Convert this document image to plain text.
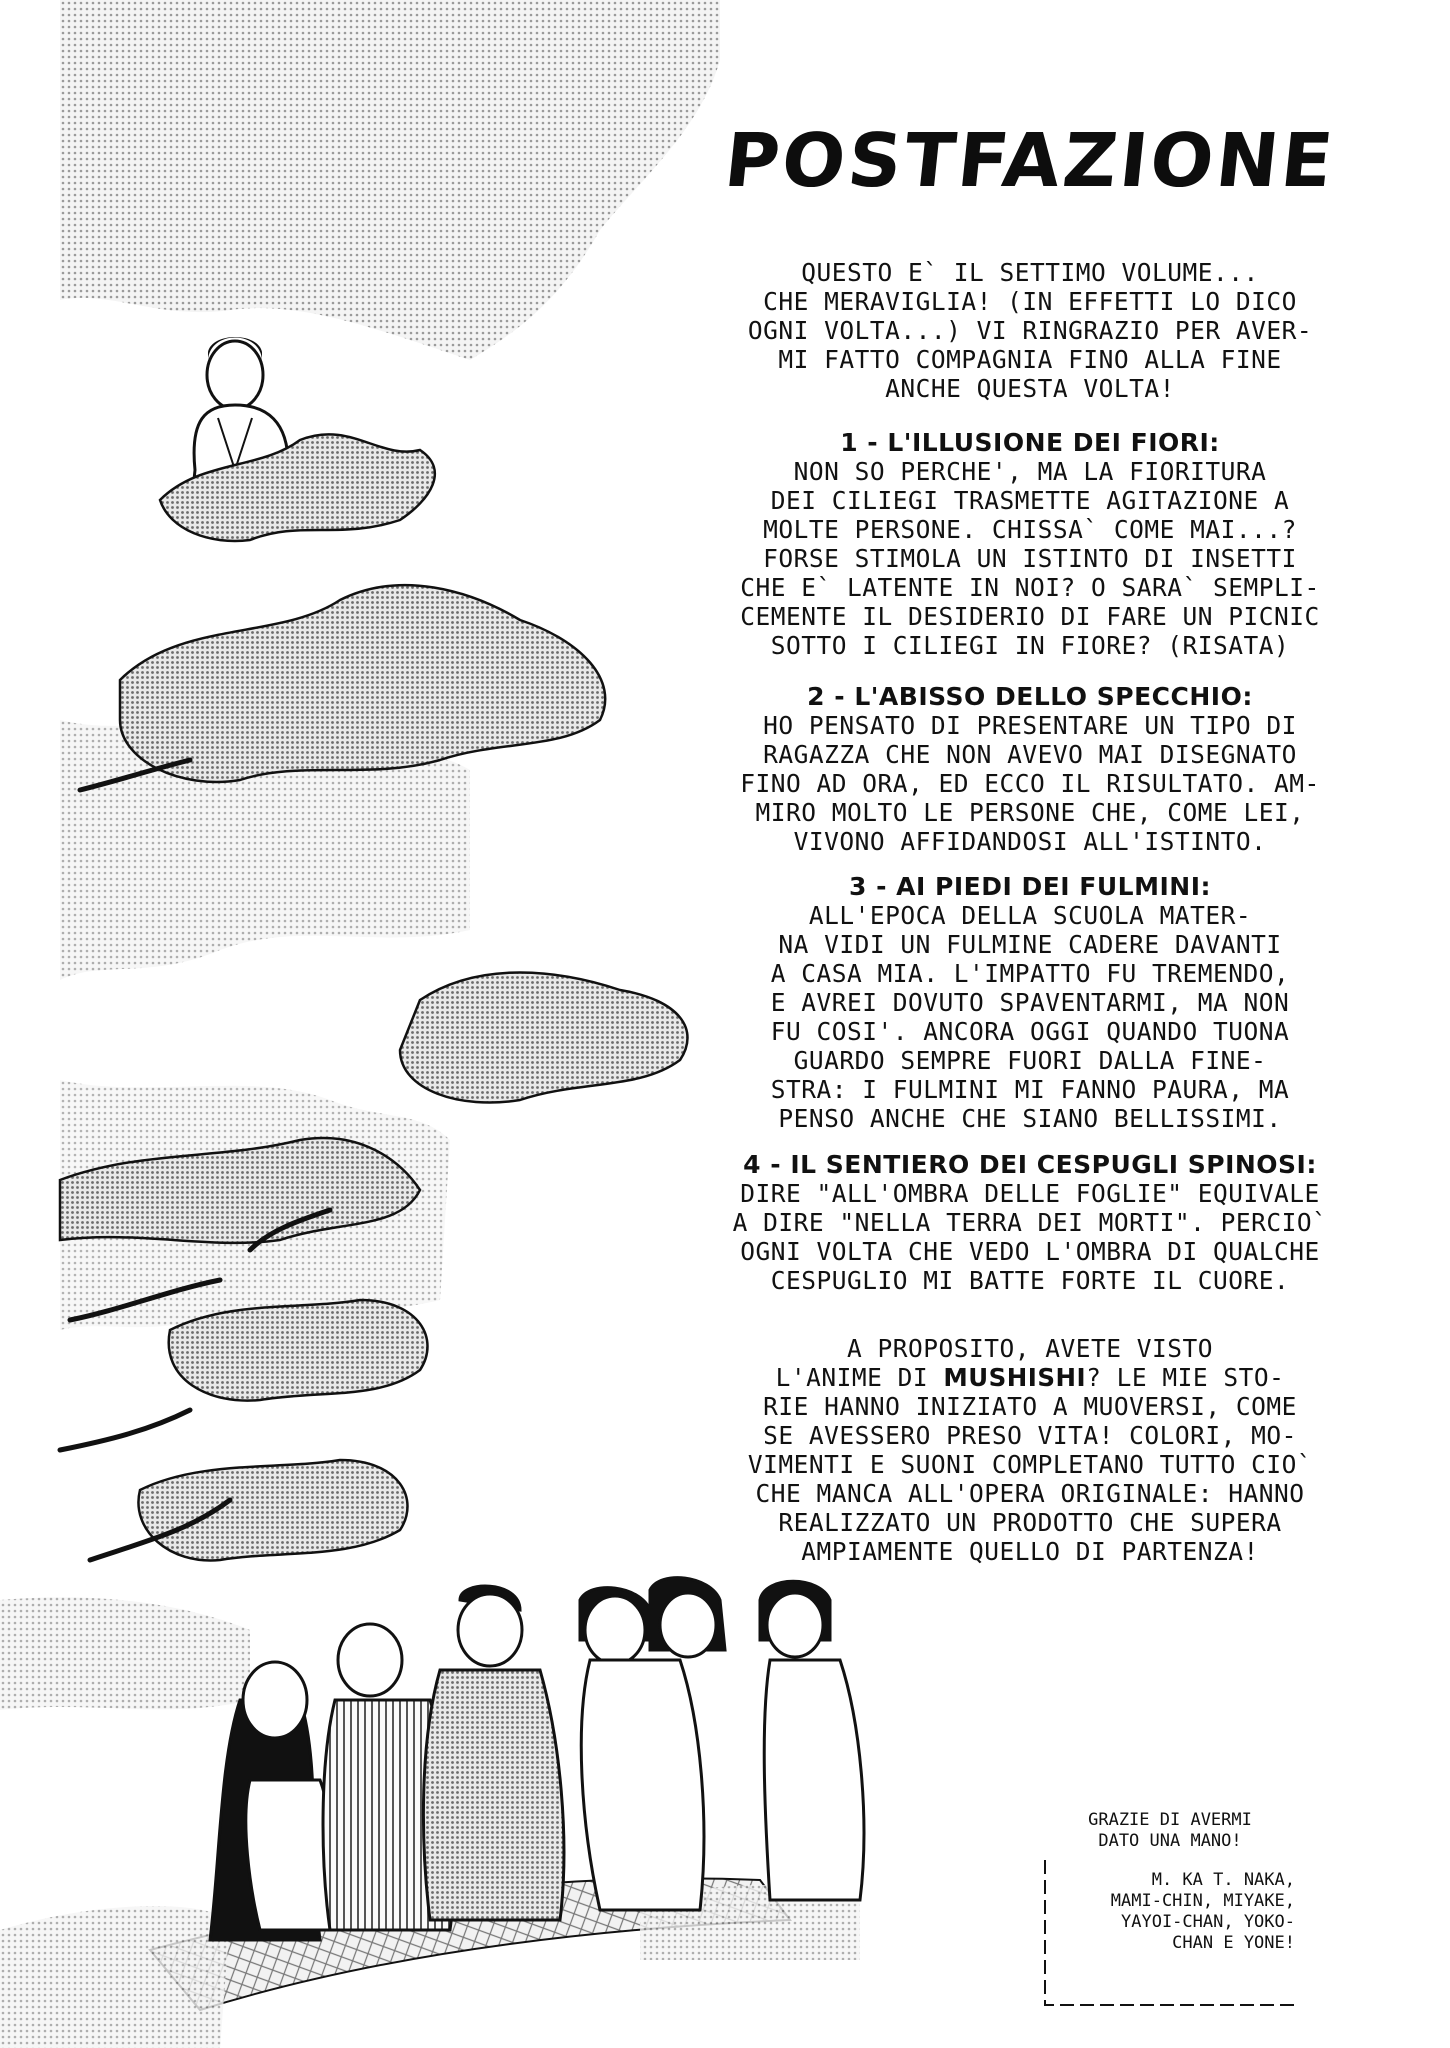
POSTFAZIONE
QUESTO E` IL SETTIMO VOLUME...
CHE MERAVIGLIA! (IN EFFETTI LO DICO
OGNI VOLTA...) VI RINGRAZIO PER AVER-
MI FATTO COMPAGNIA FINO ALLA FINE
ANCHE QUESTA VOLTA!
1 - L'ILLUSIONE DEI FIORI:
NON SO PERCHE', MA LA FIORITURA
DEI CILIEGI TRASMETTE AGITAZIONE A
MOLTE PERSONE. CHISSA` COME MAI...?
FORSE STIMOLA UN ISTINTO DI INSETTI
CHE E` LATENTE IN NOI? O SARA` SEMPLI-
CEMENTE IL DESIDERIO DI FARE UN PICNIC
SOTTO I CILIEGI IN FIORE? (RISATA)
2 - L'ABISSO DELLO SPECCHIO:
HO PENSATO DI PRESENTARE UN TIPO DI
RAGAZZA CHE NON AVEVO MAI DISEGNATO
FINO AD ORA, ED ECCO IL RISULTATO. AM-
MIRO MOLTO LE PERSONE CHE, COME LEI,
VIVONO AFFIDANDOSI ALL'ISTINTO.
3 - AI PIEDI DEI FULMINI:
ALL'EPOCA DELLA SCUOLA MATER-
NA VIDI UN FULMINE CADERE DAVANTI
A CASA MIA. L'IMPATTO FU TREMENDO,
E AVREI DOVUTO SPAVENTARMI, MA NON
FU COSI'. ANCORA OGGI QUANDO TUONA
GUARDO SEMPRE FUORI DALLA FINE-
STRA: I FULMINI MI FANNO PAURA, MA
PENSO ANCHE CHE SIANO BELLISSIMI.
4 - IL SENTIERO DEI CESPUGLI SPINOSI:
DIRE "ALL'OMBRA DELLE FOGLIE" EQUIVALE
A DIRE "NELLA TERRA DEI MORTI". PERCIO`
OGNI VOLTA CHE VEDO L'OMBRA DI QUALCHE
CESPUGLIO MI BATTE FORTE IL CUORE.
A PROPOSITO, AVETE VISTO
L'ANIME DI MUSHISHI? LE MIE STO-
RIE HANNO INIZIATO A MUOVERSI, COME
SE AVESSERO PRESO VITA! COLORI, MO-
VIMENTI E SUONI COMPLETANO TUTTO CIO`
CHE MANCA ALL'OPERA ORIGINALE: HANNO
REALIZZATO UN PRODOTTO CHE SUPERA
AMPIAMENTE QUELLO DI PARTENZA!
GRAZIE DI AVERMI
DATO UNA MANO!
M. KA T. NAKA,
MAMI-CHIN, MIYAKE,
YAYOI-CHAN, YOKO-
CHAN E YONE!
